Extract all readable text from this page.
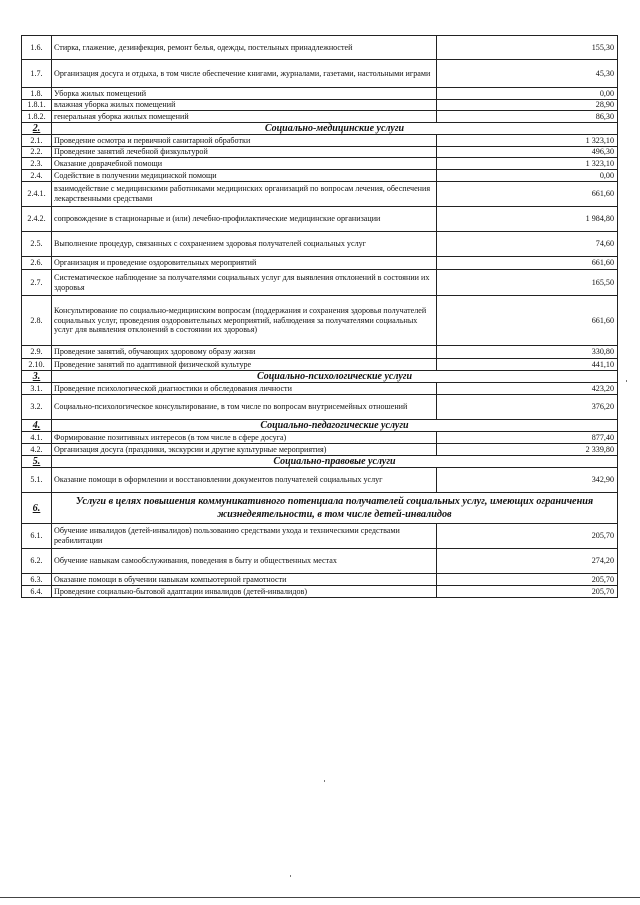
1.6.	Стирка, глажение, дезинфекция, ремонт белья, одежды, постельных принадлежностей	155,30
1.7.	Организация досуга и отдыха, в том числе обеспечение книгами, журналами, газетами, настольными играми	45,30
1.8.	Уборка жилых помещений	0,00
1.8.1.	влажная уборка жилых помещений	28,90
1.8.2.	генеральная уборка жилых помещений	86,30
2.	Социально-медицинские услуги	
2.1.	Проведение осмотра и первичной санитарной обработки	1 323,10
2.2.	Проведение занятий лечебной физкультурой	496,30
2.3.	Оказание доврачебной помощи	1 323,10
2.4.	Содействие в получении медицинской помощи	0,00
2.4.1.	взаимодействие с медицинскими работниками медицинских организаций по вопросам лечения, обеспечения лекарственными средствами	661,60
2.4.2.	сопровождение в стационарные и (или) лечебно-профилактические медицинские организации	1 984,80
2.5.	Выполнение процедур, связанных с сохранением здоровья получателей социальных услуг	74,60
2.6.	Организация и проведение оздоровительных мероприятий	661,60
2.7.	Систематическое наблюдение за получателями социальных услуг для выявления отклонений в состоянии их здоровья	165,50
2.8.	Консультирование по социально-медицинским вопросам (поддержания и сохранения здоровья получателей социальных услуг, проведения оздоровительных мероприятий, наблюдения за получателями социальных услуг для выявления отклонений в состоянии их здоровья)	661,60
2.9.	Проведение занятий, обучающих здоровому образу жизни	330,80
2.10.	Проведение занятий по адаптивной физической культуре	441,10
3.	Социально-психологические услуги	
3.1.	Проведение психологической диагностики и обследования личности	423,20
3.2.	Социально-психологическое консультирование, в том числе по вопросам внутрисемейных отношений	376,20
4.	Социально-педагогические услуги	
4.1.	Формирование позитивных интересов (в том числе в сфере досуга)	877,40
4.2.	Организация досуга (праздники, экскурсии и другие культурные мероприятия)	2 339,80
5.	Социально-правовые услуги	
5.1.	Оказание помощи в оформлении и восстановлении документов получателей социальных услуг	342,90
6.	Услуги в целях повышения коммуникативного потенциала получателей социальных услуг, имеющих ограничения жизнедеятельности, в том числе детей-инвалидов	
6.1.	Обучение инвалидов (детей-инвалидов) пользованию средствами ухода и техническими средствами реабилитации	205,70
6.2.	Обучение навыкам самообслуживания, поведения в быту и общественных местах	274,20
6.3.	Оказание помощи в обучении навыкам компьютерной грамотности	205,70
6.4.	Проведение социально-бытовой адаптации инвалидов (детей-инвалидов)	205,70
